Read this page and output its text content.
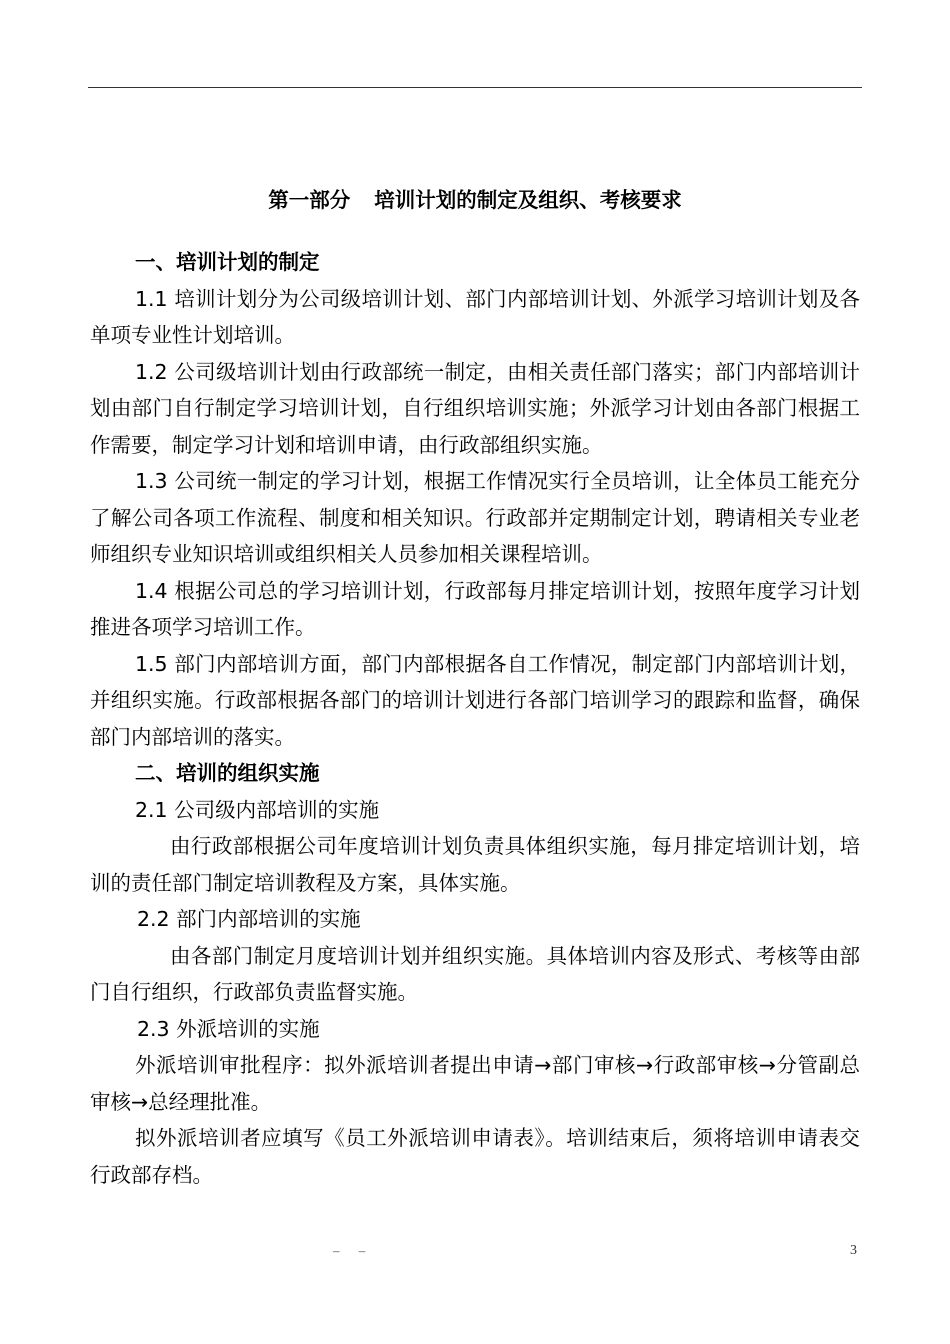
第一部分 培训计划的制定及组织、考核要求

一、培训计划的制定

1.1 培训计划分为公司级培训计划、部门内部培训计划、外派学习培训计划及各单项专业性计划培训。

1.2 公司级培训计划由行政部统一制定，由相关责任部门落实；部门内部培训计划由部门自行制定学习培训计划，自行组织培训实施；外派学习计划由各部门根据工作需要，制定学习计划和培训申请，由行政部组织实施。

1.3 公司统一制定的学习计划，根据工作情况实行全员培训，让全体员工能充分了解公司各项工作流程、制度和相关知识。行政部并定期制定计划，聘请相关专业老师组织专业知识培训或组织相关人员参加相关课程培训。

1.4 根据公司总的学习培训计划，行政部每月排定培训计划，按照年度学习计划推进各项学习培训工作。

1.5 部门内部培训方面，部门内部根据各自工作情况，制定部门内部培训计划，并组织实施。行政部根据各部门的培训计划进行各部门培训学习的跟踪和监督，确保部门内部培训的落实。

二、培训的组织实施

2.1 公司级内部培训的实施

由行政部根据公司年度培训计划负责具体组织实施，每月排定培训计划，培训的责任部门制定培训教程及方案，具体实施。

2.2 部门内部培训的实施

由各部门制定月度培训计划并组织实施。具体培训内容及形式、考核等由部门自行组织，行政部负责监督实施。

2.3 外派培训的实施

外派培训审批程序：拟外派培训者提出申请→部门审核→行政部审核→分管副总审核→总经理批准。

拟外派培训者应填写《员工外派培训申请表》。培训结束后，须将培训申请表交行政部存档。

– –	3
